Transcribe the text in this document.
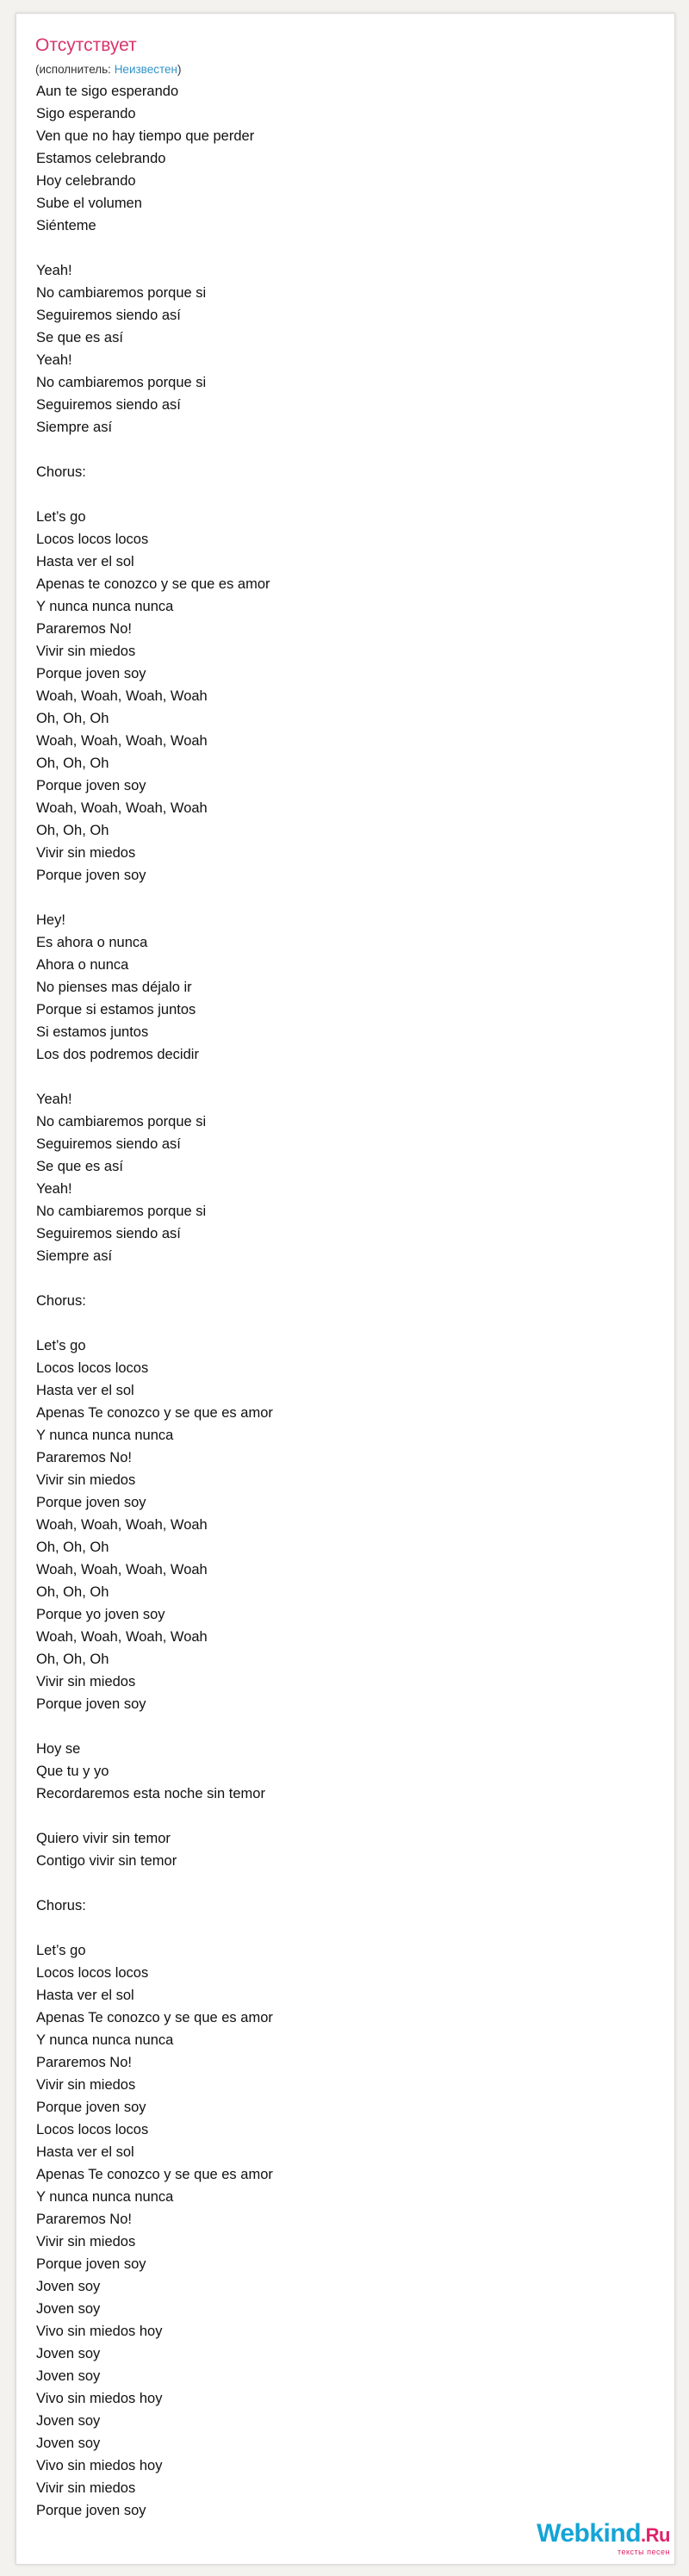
Отсутствует
(исполнитель: Неизвестен)
Aun te sigo esperando
Sigo esperando
Ven que no hay tiempo que perder
Estamos celebrando
Hoy celebrando
Sube el volumen
Siénteme
Yeah!
No cambiaremos porque si
Seguiremos siendo así
Se que es así
Yeah!
No cambiaremos porque si
Seguiremos siendo así
Siempre así
Chorus:
Let’s go
Locos locos locos
Hasta ver el sol
Apenas te conozco y se que es amor
Y nunca nunca nunca
Pararemos No!
Vivir sin miedos
Porque joven soy
Woah, Woah, Woah, Woah
Oh, Oh, Oh
Woah, Woah, Woah, Woah
Oh, Oh, Oh
Porque joven soy
Woah, Woah, Woah, Woah
Oh, Oh, Oh
Vivir sin miedos
Porque joven soy
Hey!
Es ahora o nunca
Ahora o nunca
No pienses mas déjalo ir
Porque si estamos juntos
Si estamos juntos
Los dos podremos decidir
Yeah!
No cambiaremos porque si
Seguiremos siendo así
Se que es así
Yeah!
No cambiaremos porque si
Seguiremos siendo así
Siempre así
Chorus:
Let’s go
Locos locos locos
Hasta ver el sol
Apenas Te conozco y se que es amor
Y nunca nunca nunca
Pararemos No!
Vivir sin miedos
Porque joven soy
Woah, Woah, Woah, Woah
Oh, Oh, Oh
Woah, Woah, Woah, Woah
Oh, Oh, Oh
Porque yo joven soy
Woah, Woah, Woah, Woah
Oh, Oh, Oh
Vivir sin miedos
Porque joven soy
Hoy se
Que tu y yo
Recordaremos esta noche sin temor
Quiero vivir sin temor
Contigo vivir sin temor
Chorus:
Let’s go
Locos locos locos
Hasta ver el sol
Apenas Te conozco y se que es amor
Y nunca nunca nunca
Pararemos No!
Vivir sin miedos
Porque joven soy
Locos locos locos
Hasta ver el sol
Apenas Te conozco y se que es amor
Y nunca nunca nunca
Pararemos No!
Vivir sin miedos
Porque joven soy
Joven soy
Joven soy
Vivo sin miedos hoy
Joven soy
Joven soy
Vivo sin miedos hoy
Joven soy
Joven soy
Vivo sin miedos hoy
Vivir sin miedos
Porque joven soy
Webkind.Ru
тексты песен
